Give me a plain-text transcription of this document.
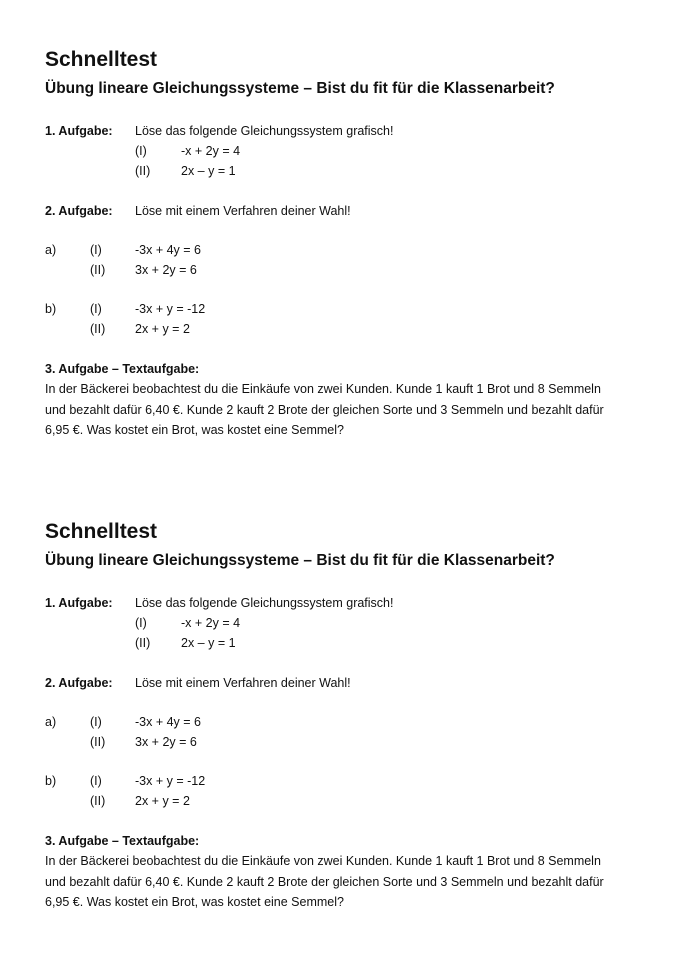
Schnelltest
Übung lineare Gleichungssysteme – Bist du fit für die Klassenarbeit?
1. Aufgabe: Löse das folgende Gleichungssystem grafisch!
(I)	-x + 2y = 4
(II) 2x – y = 1
2. Aufgabe: Löse mit einem Verfahren deiner Wahl!
a)	(I)	-3x + 4y = 6
(II) 3x + 2y = 6
b)	(I)	-3x + y = -12
(II) 2x + y = 2
3. Aufgabe – Textaufgabe:

In der Bäckerei beobachtest du die Einkäufe von zwei Kunden. Kunde 1 kauft 1 Brot und 8 Semmeln
und bezahlt dafür 6,40 €. Kunde 2 kauft 2 Brote der gleichen Sorte und 3 Semmeln und bezahlt dafür
6,95 €. Was kostet ein Brot, was kostet eine Semmel?

Schnelltest
Übung lineare Gleichungssysteme – Bist du fit für die Klassenarbeit?
1. Aufgabe: Löse das folgende Gleichungssystem grafisch!
(I)	-x + 2y = 4
(II) 2x – y = 1
2. Aufgabe: Löse mit einem Verfahren deiner Wahl!
a)	(I)	-3x + 4y = 6
(II) 3x + 2y = 6
b)	(I)	-3x + y = -12
(II) 2x + y = 2
3. Aufgabe – Textaufgabe:

In der Bäckerei beobachtest du die Einkäufe von zwei Kunden. Kunde 1 kauft 1 Brot und 8 Semmeln
und bezahlt dafür 6,40 €. Kunde 2 kauft 2 Brote der gleichen Sorte und 3 Semmeln und bezahlt dafür
6,95 €. Was kostet ein Brot, was kostet eine Semmel?
